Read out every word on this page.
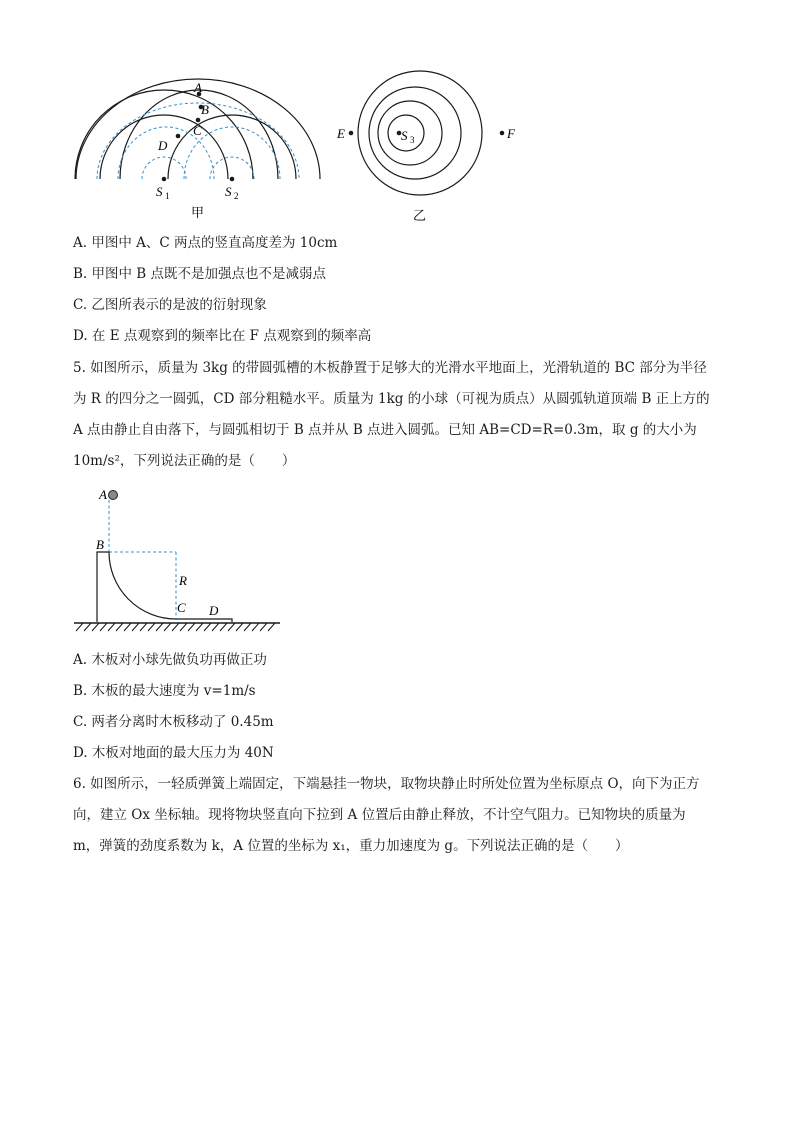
A
B
C
D
S 1	S 2
甲
S 3
E	F
乙
A. 甲图中 A、C 两点的竖直高度差为 10cm
B. 甲图中 B 点既不是加强点也不是减弱点
C. 乙图所表示的是波的衍射现象
D. 在 E 点观察到的频率比在 F 点观察到的频率高
5. 如图所示，质量为 3kg 的带圆弧槽的木板静置于足够大的光滑水平地面上，光滑轨道的 BC 部分为半径
为 R 的四分之一圆弧，CD 部分粗糙水平。质量为 1kg 的小球（可视为质点）从圆弧轨道顶端 B 正上方的
A 点由静止自由落下，与圆弧相切于 B 点并从 B 点进入圆弧。已知 AB=CD=R=0.3m，取 g 的大小为
10m/s²，下列说法正确的是（　　）
A
R
B
C D
A. 木板对小球先做负功再做正功
B. 木板的最大速度为 v=1m/s
C. 两者分离时木板移动了 0.45m
D. 木板对地面的最大压力为 40N
6. 如图所示，一轻质弹簧上端固定，下端悬挂一物块，取物块静止时所处位置为坐标原点 O，向下为正方
向，建立 Ox 坐标轴。现将物块竖直向下拉到 A 位置后由静止释放，不计空气阻力。已知物块的质量为
m，弹簧的劲度系数为 k，A 位置的坐标为 x₁，重力加速度为 g。下列说法正确的是（　　）
